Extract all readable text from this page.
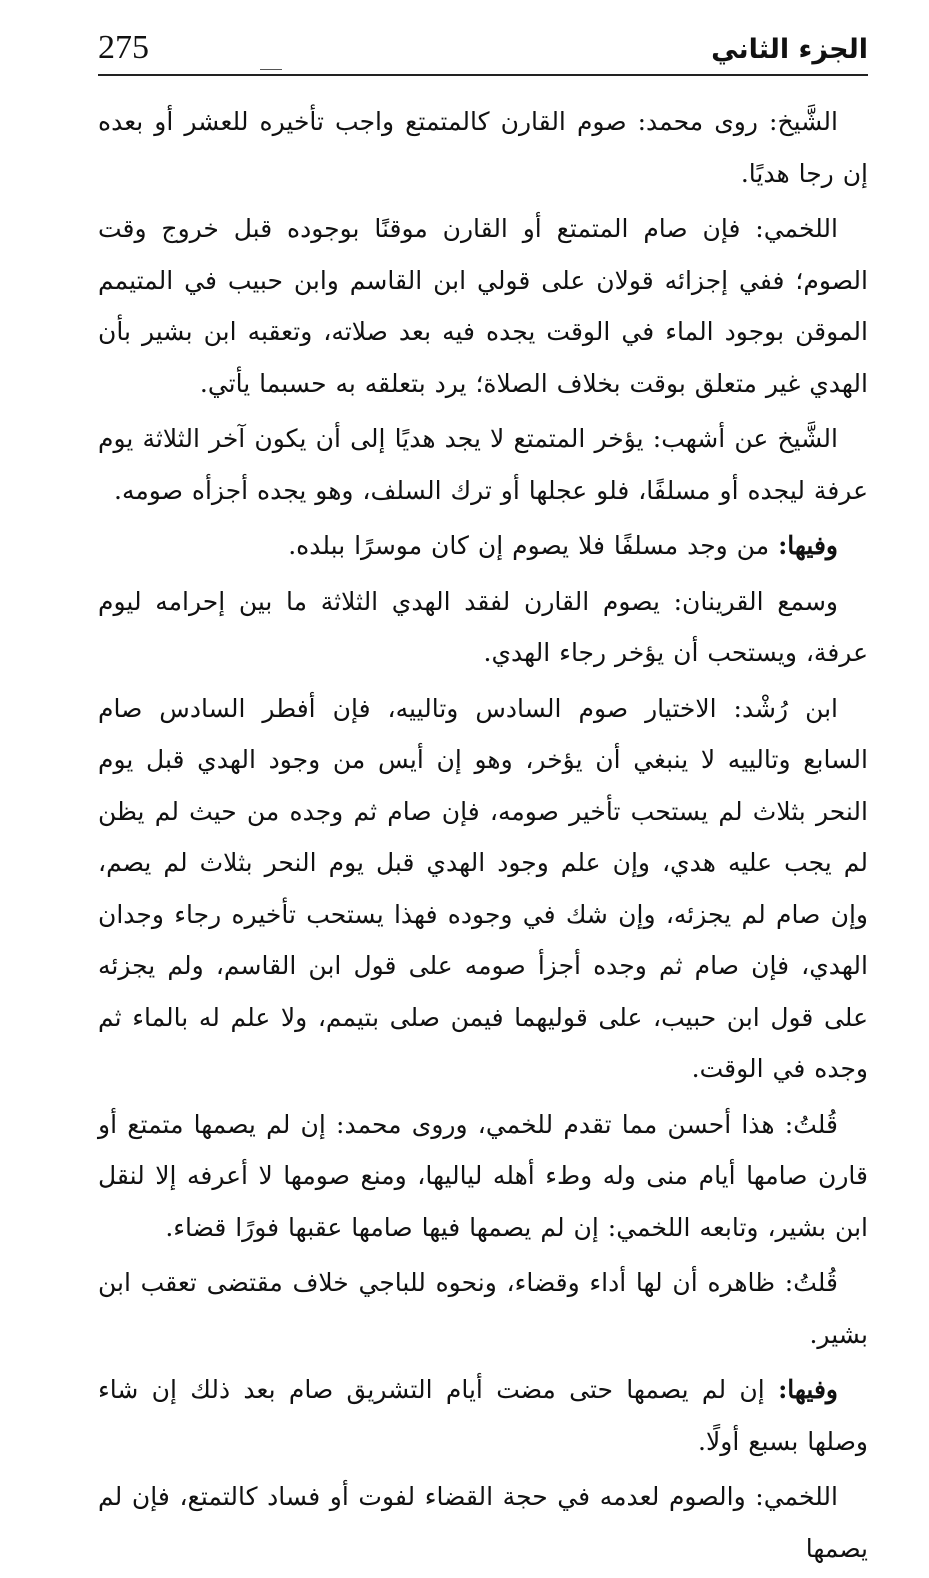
الجزء الثاني
275

الشَّيخ: روى محمد: صوم القارن كالمتمتع واجب تأخيره للعشر أو بعده إن رجا هديًا.

اللخمي: فإن صام المتمتع أو القارن موقنًا بوجوده قبل خروج وقت الصوم؛ ففي إجزائه قولان على قولي ابن القاسم وابن حبيب في المتيمم الموقن بوجود الماء في الوقت يجده فيه بعد صلاته، وتعقبه ابن بشير بأن الهدي غير متعلق بوقت بخلاف الصلاة؛ يرد بتعلقه به حسبما يأتي.

الشَّيخ عن أشهب: يؤخر المتمتع لا يجد هديًا إلى أن يكون آخر الثلاثة يوم عرفة ليجده أو مسلفًا، فلو عجلها أو ترك السلف، وهو يجده أجزأه صومه.

وفيها: من وجد مسلفًا فلا يصوم إن كان موسرًا ببلده.

وسمع القرينان: يصوم القارن لفقد الهدي الثلاثة ما بين إحرامه ليوم عرفة، ويستحب أن يؤخر رجاء الهدي.

ابن رُشْد: الاختيار صوم السادس وتالييه، فإن أفطر السادس صام السابع وتالييه لا ينبغي أن يؤخر، وهو إن أيس من وجود الهدي قبل يوم النحر بثلاث لم يستحب تأخير صومه، فإن صام ثم وجده من حيث لم يظن لم يجب عليه هدي، وإن علم وجود الهدي قبل يوم النحر بثلاث لم يصم، وإن صام لم يجزئه، وإن شك في وجوده فهذا يستحب تأخيره رجاء وجدان الهدي، فإن صام ثم وجده أجزأ صومه على قول ابن القاسم، ولم يجزئه على قول ابن حبيب، على قوليهما فيمن صلى بتيمم، ولا علم له بالماء ثم وجده في الوقت.

قُلتُ: هذا أحسن مما تقدم للخمي، وروى محمد: إن لم يصمها متمتع أو قارن صامها أيام منى وله وطء أهله لياليها، ومنع صومها لا أعرفه إلا لنقل ابن بشير، وتابعه اللخمي: إن لم يصمها فيها صامها عقبها فورًا قضاء.

قُلتُ: ظاهره أن لها أداء وقضاء، ونحوه للباجي خلاف مقتضى تعقب ابن بشير.

وفيها: إن لم يصمها حتى مضت أيام التشريق صام بعد ذلك إن شاء وصلها بسبع أولًا.

اللخمي: والصوم لعدمه في حجة القضاء لفوت أو فساد كالتمتع، فإن لم يصمها
